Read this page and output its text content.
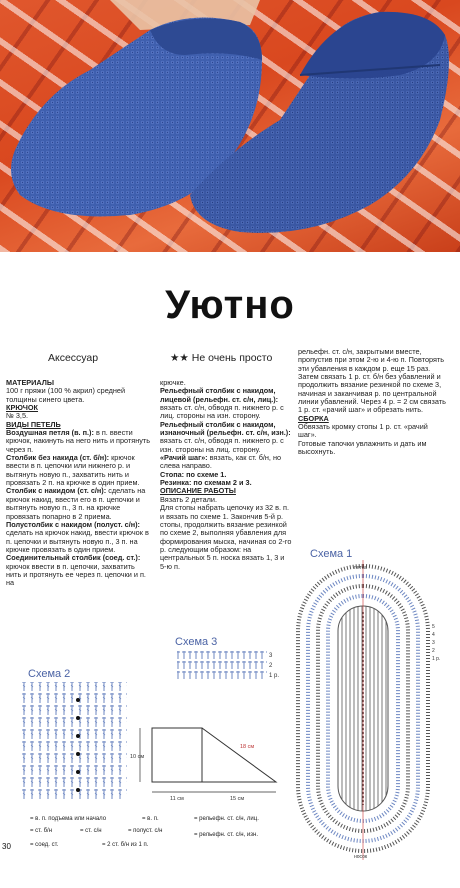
Уютно
Аксессуар	★★ Не очень просто

МАТЕРИАЛЫ

100 г пряжи (100 % акрил) средней толщины синего цвета.

КРЮЧОК

№ 3,5.

ВИДЫ ПЕТЕЛЬ

Воздушная петля (в. п.): в п. ввести крючок, накинуть на него нить и протянуть через п.

Столбик без накида (ст. б/н): крючок ввести в п. цепочки или нижнего р. и вытянуть новую п., захватить нить и провязать 2 п. на крючке в один прием.

Столбик с накидом (ст. с/н): сделать на крючок накид, ввести его в п. цепочки и вытянуть новую п., 3 п. на крючке провязать попарно в 2 приема.

Полустолбик с накидом (полуст. с/н): сделать на крючок накид, ввести крючок в п. цепочки и вытянуть новую п., 3 п. на крючке провязать в один прием.

Соединительный столбик (соед. ст.): крючок ввести в п. цепочки, захватить нить и протянуть ее через п. цепочки и п. на

крючке.

Рельефный столбик с накидом, лицевой (рельефн. ст. с/н, лиц.): вязать ст. с/н, обводя п. нижнего р. с лиц. стороны на изн. сторону.

Рельефный столбик с накидом, изнаночный (рельефн. ст. с/н, изн.): вязать ст. с/н, обводя п. нижнего р. с изн. стороны на лиц. сторону.

«Рачий шаг»: вязать, как ст. б/н, но слева направо.

Стопа: по схеме 1.

Резинка: по схемам 2 и 3.

ОПИСАНИЕ РАБОТЫ

Вязать 2 детали.

Для стопы набрать цепочку из 32 в. п. и вязать по схеме 1. Закончив 5-й р. стопы, продолжить вязание резинкой по схеме 2, выполняя убавления для формирования мыска, начиная со 2-го р. следующим образом: на центральных 5 п. носка вязать 1, 3 и 5-ю п.

рельефн. ст. с/н, закрытыми вместе, пропустив при этом 2-ю и 4-ю п. Повторять эти убавления в каждом р. еще 15 раз. Затем связать 1 р. ст. б/н без убавлений и продолжить вязание резинкой по схеме 3, начиная и заканчивая р. по центральной линии убавлений. Через 4 р. = 2 см связать 1 р. ст. «рачий шаг» и обрезать нить.

СБОРКА

Обвязать кромку стопы 1 р. ст. «рачий шаг».

Готовые тапочки увлажнить и дать им высохнуть.

Схема 1
пятка
носок
5
4
3
2
1 р.
Схема 3
3
2
1 р.
Схема 2
10 см
11 см	15 см
18 см
= в. п. подъема или начало	= в. п.	= рельефн. ст. с/н, лиц.
= ст. б/н	= ст. с/н	= полуст. с/н
= рельефн. ст. с/н, изн.
= соед. ст.	= 2 ст. б/н из 1 п.
30
